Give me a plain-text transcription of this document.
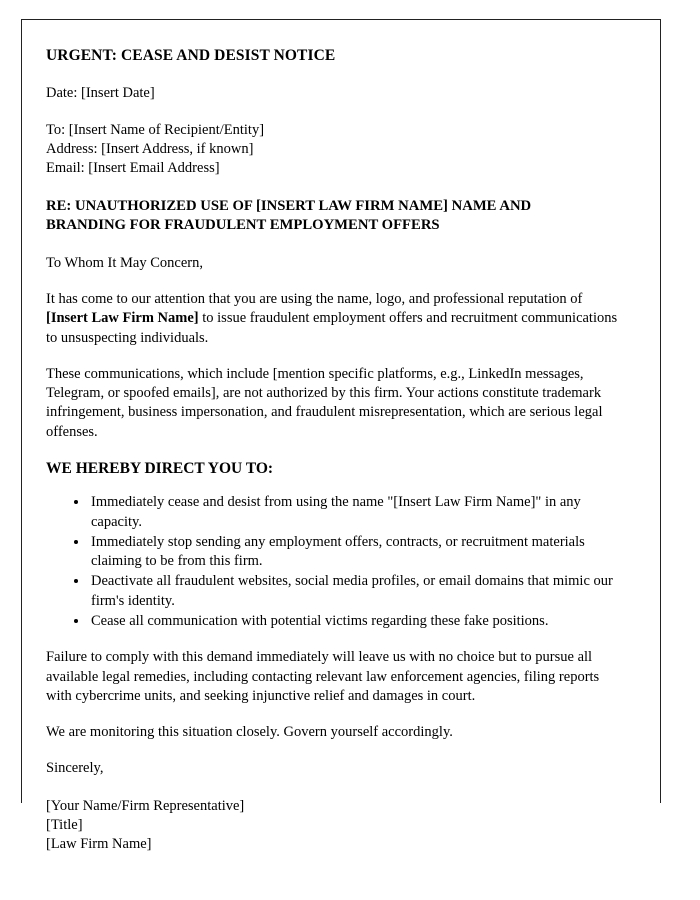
URGENT: CEASE AND DESIST NOTICE

Date: [Insert Date]

To: [Insert Name of Recipient/Entity]
Address: [Insert Address, if known]
Email: [Insert Email Address]
RE: UNAUTHORIZED USE OF [INSERT LAW FIRM NAME] NAME AND BRANDING FOR FRAUDULENT EMPLOYMENT OFFERS

To Whom It May Concern,

It has come to our attention that you are using the name, logo, and professional reputation of [Insert Law Firm Name] to issue fraudulent employment offers and recruitment communications to unsuspecting individuals.

These communications, which include [mention specific platforms, e.g., LinkedIn messages, Telegram, or spoofed emails], are not authorized by this firm. Your actions constitute trademark infringement, business impersonation, and fraudulent misrepresentation, which are serious legal offenses.

WE HEREBY DIRECT YOU TO:
• Immediately cease and desist from using the name "[Insert Law Firm Name]" in any capacity.
• Immediately stop sending any employment offers, contracts, or recruitment materials claiming to be from this firm.
• Deactivate all fraudulent websites, social media profiles, or email domains that mimic our firm's identity.
• Cease all communication with potential victims regarding these fake positions.

Failure to comply with this demand immediately will leave us with no choice but to pursue all available legal remedies, including contacting relevant law enforcement agencies, filing reports with cybercrime units, and seeking injunctive relief and damages in court.

We are monitoring this situation closely. Govern yourself accordingly.

Sincerely,

[Your Name/Firm Representative]
[Title]
[Law Firm Name]
